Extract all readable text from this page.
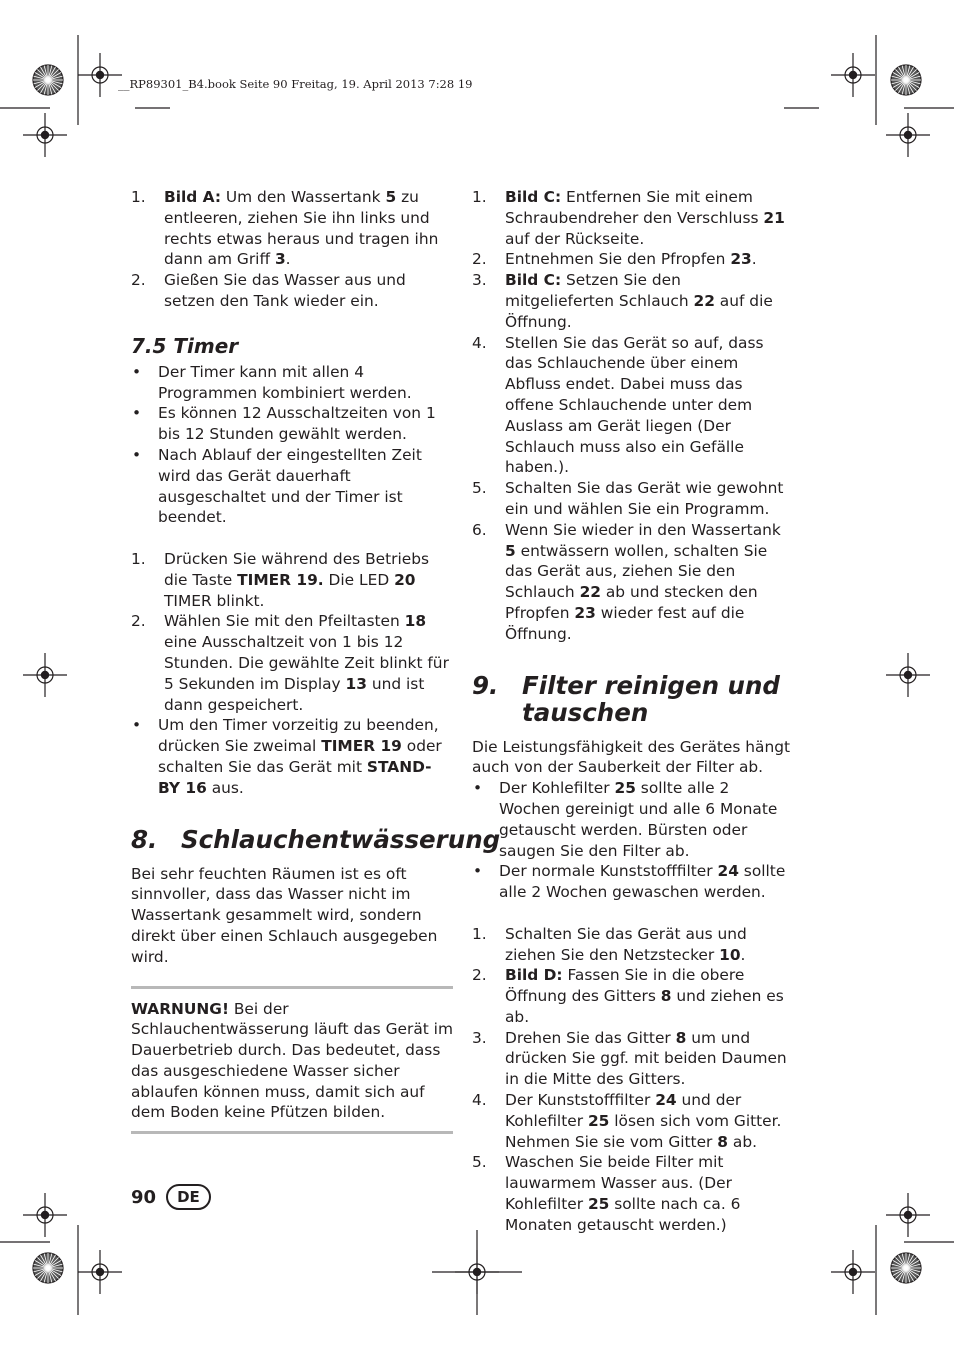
__RP89301_B4.book Seite 90 Freitag, 19. April 2013 7:28 19
1. Bild A: Um den Wassertank 5 zu entleeren, ziehen Sie ihn links und rechts etwas heraus und tragen ihn dann am Griff 3.
2. Gießen Sie das Wasser aus und setzen den Tank wieder ein.
7.5 Timer
• Der Timer kann mit allen 4 Programmen kombiniert werden.
• Es können 12 Ausschaltzeiten von 1 bis 12 Stunden gewählt werden.
• Nach Ablauf der eingestellten Zeit wird das Gerät dauerhaft ausgeschaltet und der Timer ist beendet.
1. Drücken Sie während des Betriebs die Taste TIMER 19. Die LED 20 TIMER blinkt.
2. Wählen Sie mit den Pfeiltasten 18 eine Ausschaltzeit von 1 bis 12 Stunden. Die gewählte Zeit blinkt für 5 Sekunden im Display 13 und ist dann gespeichert.
• Um den Timer vorzeitig zu beenden, drücken Sie zweimal TIMER 19 oder schalten Sie das Gerät mit STAND-BY 16 aus.
8. Schlauchentwässerung

Bei sehr feuchten Räumen ist es oft sinnvoller, dass das Wasser nicht im Wassertank gesammelt wird, sondern direkt über einen Schlauch ausgegeben wird.

WARNUNG! Bei der Schlauchentwässerung läuft das Gerät im Dauerbetrieb durch. Das bedeutet, dass das ausgeschiedene Wasser sicher ablaufen können muss, damit sich auf dem Boden keine Pfützen bilden.
1. Bild C: Entfernen Sie mit einem Schraubendreher den Verschluss 21 auf der Rückseite.
2. Entnehmen Sie den Pfropfen 23.
3. Bild C: Setzen Sie den mitgelieferten Schlauch 22 auf die Öffnung.
4. Stellen Sie das Gerät so auf, dass das Schlauchende über einem Abfluss endet. Dabei muss das offene Schlauchende unter dem Auslass am Gerät liegen (Der Schlauch muss also ein Gefälle haben.).
5. Schalten Sie das Gerät wie gewohnt ein und wählen Sie ein Programm.
6. Wenn Sie wieder in den Wassertank 5 entwässern wollen, schalten Sie das Gerät aus, ziehen Sie den Schlauch 22 ab und stecken den Pfropfen 23 wieder fest auf die Öffnung.
9. Filter reinigen und tauschen

Die Leistungsfähigkeit des Gerätes hängt auch von der Sauberkeit der Filter ab.

• Der Kohlefilter 25 sollte alle 2 Wochen gereinigt und alle 6 Monate getauscht werden. Bürsten oder saugen Sie den Filter ab.
• Der normale Kunststofffilter 24 sollte alle 2 Wochen gewaschen werden.
1. Schalten Sie das Gerät aus und ziehen Sie den Netzstecker 10.
2. Bild D: Fassen Sie in die obere Öffnung des Gitters 8 und ziehen es ab.
3. Drehen Sie das Gitter 8 um und drücken Sie ggf. mit beiden Daumen in die Mitte des Gitters.
4. Der Kunststofffilter 24 und der Kohlefilter 25 lösen sich vom Gitter. Nehmen Sie sie vom Gitter 8 ab.
5. Waschen Sie beide Filter mit lauwarmem Wasser aus. (Der Kohlefilter 25 sollte nach ca. 6 Monaten getauscht werden.)
90	DE
